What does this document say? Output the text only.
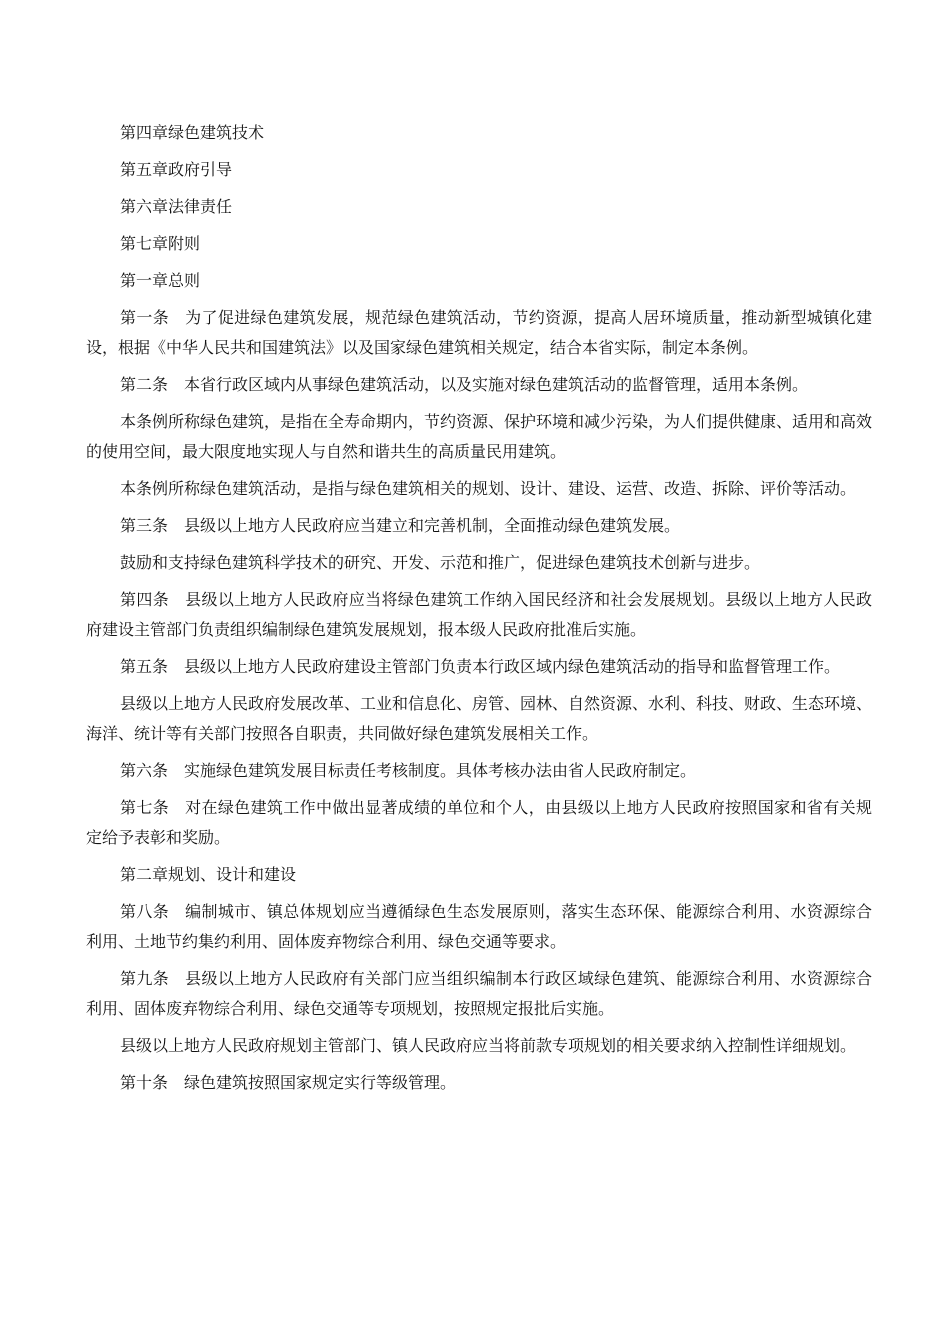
第四章绿色建筑技术

第五章政府引导

第六章法律责任

第七章附则

第一章总则

第一条 为了促进绿色建筑发展，规范绿色建筑活动，节约资源，提高人居环境质量，推动新型城镇化建设，根据《中华人民共和国建筑法》以及国家绿色建筑相关规定，结合本省实际，制定本条例。

第二条 本省行政区域内从事绿色建筑活动，以及实施对绿色建筑活动的监督管理，适用本条例。

本条例所称绿色建筑，是指在全寿命期内，节约资源、保护环境和减少污染，为人们提供健康、适用和高效的使用空间，最大限度地实现人与自然和谐共生的高质量民用建筑。

本条例所称绿色建筑活动，是指与绿色建筑相关的规划、设计、建设、运营、改造、拆除、评价等活动。

第三条 县级以上地方人民政府应当建立和完善机制，全面推动绿色建筑发展。

鼓励和支持绿色建筑科学技术的研究、开发、示范和推广，促进绿色建筑技术创新与进步。

第四条 县级以上地方人民政府应当将绿色建筑工作纳入国民经济和社会发展规划。县级以上地方人民政府建设主管部门负责组织编制绿色建筑发展规划，报本级人民政府批准后实施。

第五条 县级以上地方人民政府建设主管部门负责本行政区域内绿色建筑活动的指导和监督管理工作。

县级以上地方人民政府发展改革、工业和信息化、房管、园林、自然资源、水利、科技、财政、生态环境、海洋、统计等有关部门按照各自职责，共同做好绿色建筑发展相关工作。

第六条 实施绿色建筑发展目标责任考核制度。具体考核办法由省人民政府制定。

第七条 对在绿色建筑工作中做出显著成绩的单位和个人，由县级以上地方人民政府按照国家和省有关规定给予表彰和奖励。

第二章规划、设计和建设

第八条 编制城市、镇总体规划应当遵循绿色生态发展原则，落实生态环保、能源综合利用、水资源综合利用、土地节约集约利用、固体废弃物综合利用、绿色交通等要求。

第九条 县级以上地方人民政府有关部门应当组织编制本行政区域绿色建筑、能源综合利用、水资源综合利用、固体废弃物综合利用、绿色交通等专项规划，按照规定报批后实施。

县级以上地方人民政府规划主管部门、镇人民政府应当将前款专项规划的相关要求纳入控制性详细规划。

第十条 绿色建筑按照国家规定实行等级管理。
